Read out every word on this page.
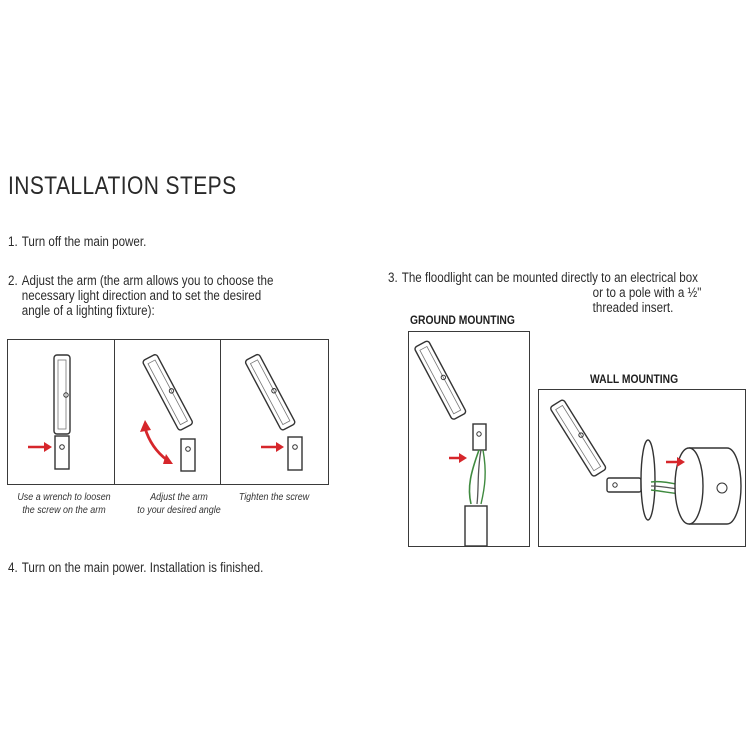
INSTALLATION STEPS
1. Turn off the main power.
2. Adjust the arm (the arm allows you to choose the
necessary light direction and to set the desired
angle of a lighting fixture):
3. The floodlight can be mounted directly to an electrical box
or to a pole with a ½"
threaded insert.
Use a wrench to loosen
the screw on the arm
Adjust the arm
to your desired angle
Tighten the screw
4. Turn on the main power. Installation is finished.
GROUND MOUNTING
WALL MOUNTING
